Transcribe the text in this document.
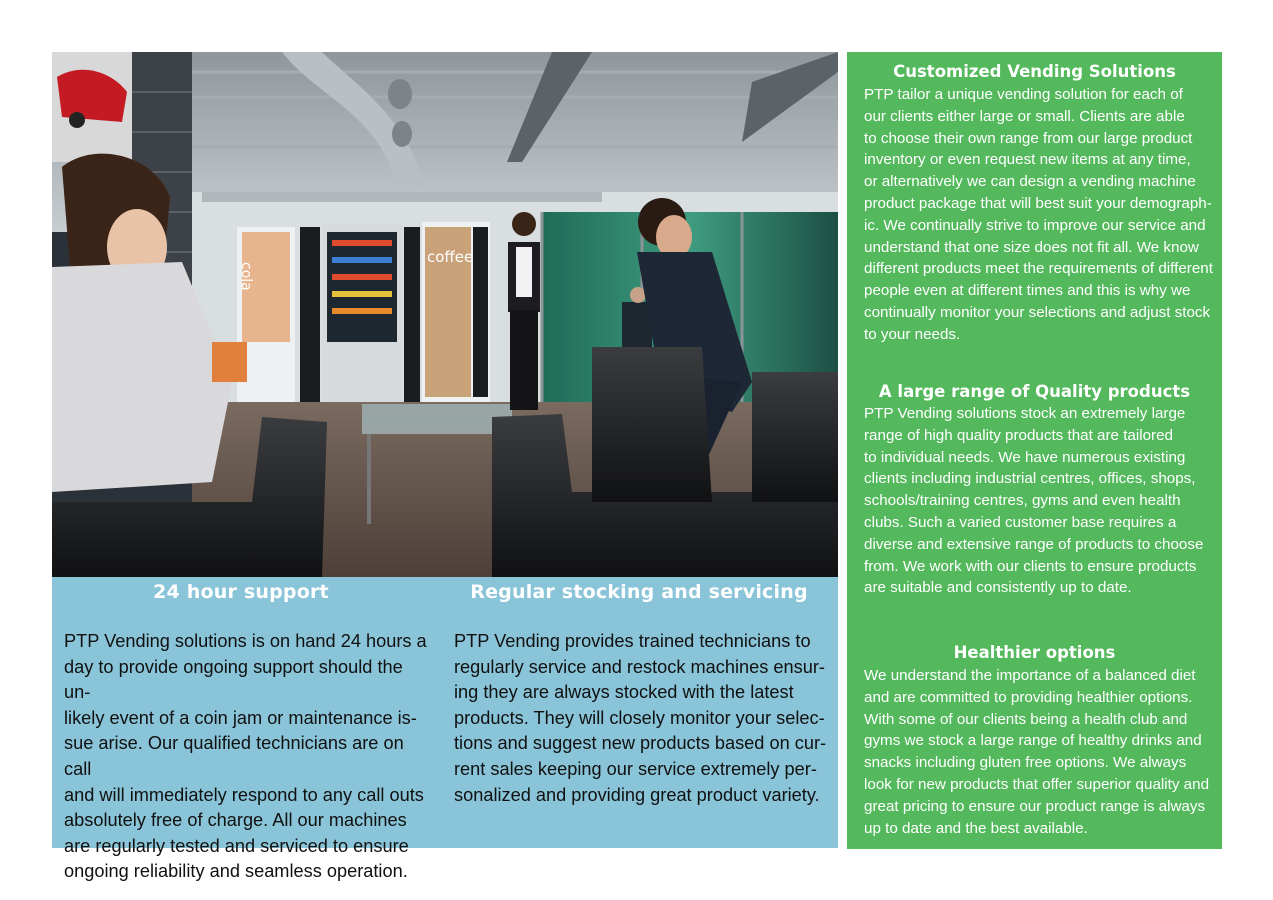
cola
coffee
24 hour support
PTP Vending solutions is on hand 24 hours a
day to provide ongoing support should the un-
likely event of a coin jam or maintenance is-
sue arise. Our qualified technicians are on call
and will immediately respond to any call outs
absolutely free of charge. All our machines
are regularly tested and serviced to ensure
ongoing reliability and seamless operation.
Regular stocking and servicing
PTP Vending provides trained technicians to
regularly service and restock machines ensur-
ing they are always stocked with the latest
products. They will closely monitor your selec-
tions and suggest new products based on cur-
rent sales keeping our service extremely per-
sonalized and providing great product variety.
Customized Vending Solutions
PTP tailor a unique vending solution for each of
our clients either large or small. Clients are able
to choose their own range from our large product
inventory or even request new items at any time,
or alternatively we can design a vending machine
product package that will best suit your demograph-
ic. We continually strive to improve our service and
understand that one size does not fit all. We know
different products meet the requirements of different
people even at different times and this is why we
continually monitor your selections and adjust stock
to your needs.
A large range of Quality products
PTP Vending solutions stock an extremely large
range of high quality products that are tailored
to individual needs. We have numerous existing
clients including industrial centres, offices, shops,
schools/training centres, gyms and even health
clubs. Such a varied customer base requires a
diverse and extensive range of products to choose
from. We work with our clients to ensure products
are suitable and consistently up to date.
Healthier options
We understand the importance of a balanced diet
and are committed to providing healthier options.
With some of our clients being a health club and
gyms we stock a large range of healthy drinks and
snacks including gluten free options. We always
look for new products that offer superior quality and
great pricing to ensure our product range is always
up to date and the best available.
